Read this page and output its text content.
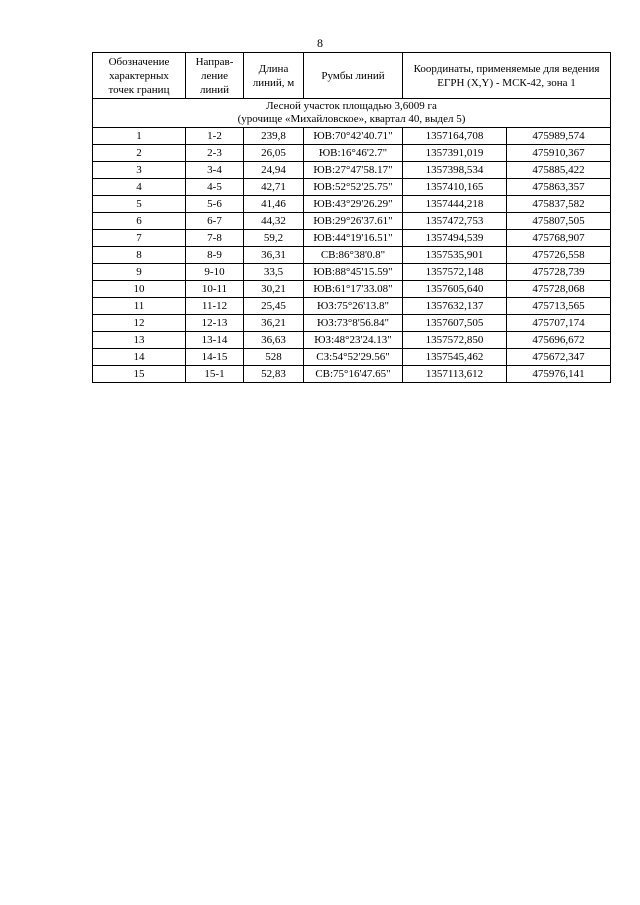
8
Обозначение характерных точек границ	Направ-ление линий	Длина линий, м	Румбы линий	Координаты, применяемые для ведения ЕГРН (X,Y) - МСК-42, зона 1	

Лесной участок площадью 3,6009 га
(урочище «Михайловское», квартал 40, выдел 5)					

1	1-2	239,8	ЮВ:70°42'40.71"	1357164,708	475989,574
2	2-3	26,05	ЮВ:16°46'2.7"	1357391,019	475910,367
3	3-4	24,94	ЮВ:27°47'58.17"	1357398,534	475885,422
4	4-5	42,71	ЮВ:52°52'25.75"	1357410,165	475863,357
5	5-6	41,46	ЮВ:43°29'26.29"	1357444,218	475837,582
6	6-7	44,32	ЮВ:29°26'37.61"	1357472,753	475807,505
7	7-8	59,2	ЮВ:44°19'16.51"	1357494,539	475768,907
8	8-9	36,31	СВ:86°38'0.8"	1357535,901	475726,558
9	9-10	33,5	ЮВ:88°45'15.59"	1357572,148	475728,739
10	10-11	30,21	ЮВ:61°17'33.08"	1357605,640	475728,068
11	11-12	25,45	ЮЗ:75°26'13.8"	1357632,137	475713,565
12	12-13	36,21	ЮЗ:73°8'56.84"	1357607,505	475707,174
13	13-14	36,63	ЮЗ:48°23'24.13"	1357572,850	475696,672
14	14-15	528	СЗ:54°52'29.56"	1357545,462	475672,347
15	15-1	52,83	СВ:75°16'47.65"	1357113,612	475976,141
